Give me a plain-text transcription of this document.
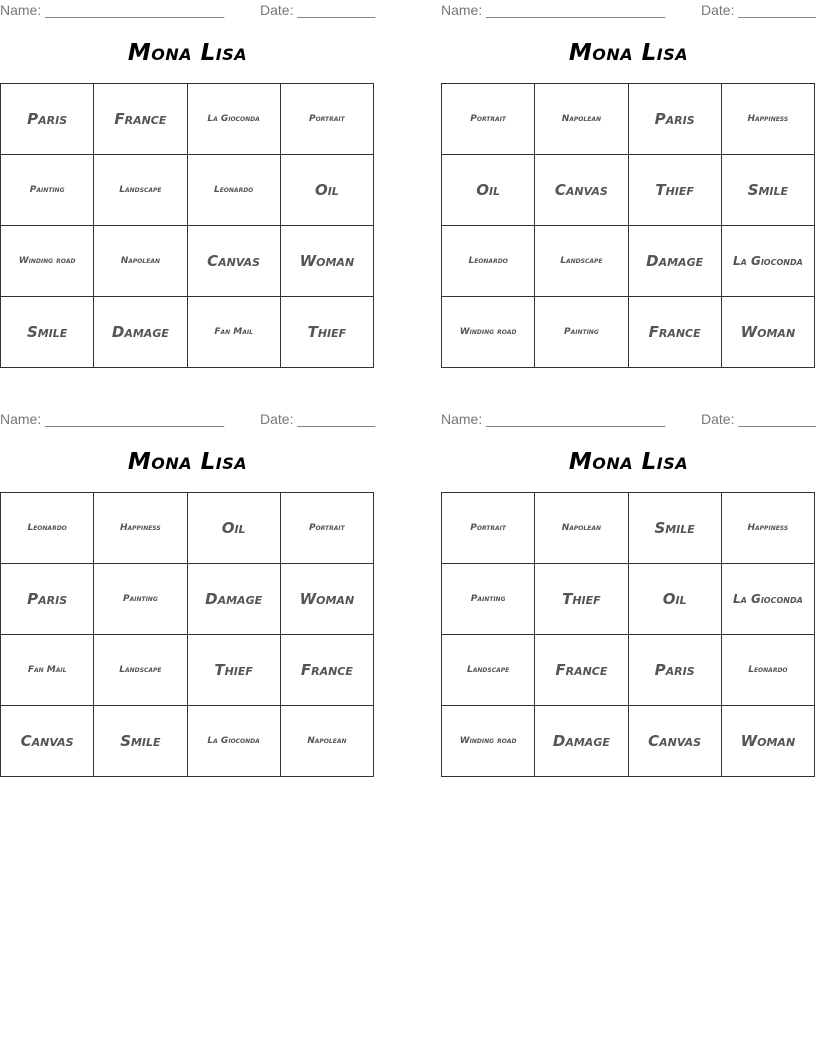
Name: _______________________	Date: __________
Mona Lisa
Paris	France	La Gioconda	Portrait
Painting	Landscape	Leonardo	Oil
Winding road	Napolean	Canvas	Woman
Smile	Damage	Fan Mail	Thief
Name: _______________________	Date: __________
Mona Lisa
Portrait	Napolean	Paris	Happiness
Oil	Canvas	Thief	Smile
Leonardo	Landscape	Damage	La Gioconda
Winding road	Painting	France	Woman
Name: _______________________	Date: __________
Mona Lisa
Leonardo	Happiness	Oil	Portrait
Paris	Painting	Damage	Woman
Fan Mail	Landscape	Thief	France
Canvas	Smile	La Gioconda	Napolean
Name: _______________________	Date: __________
Mona Lisa
Portrait	Napolean	Smile	Happiness
Painting	Thief	Oil	La Gioconda
Landscape	France	Paris	Leonardo
Winding road	Damage	Canvas	Woman
